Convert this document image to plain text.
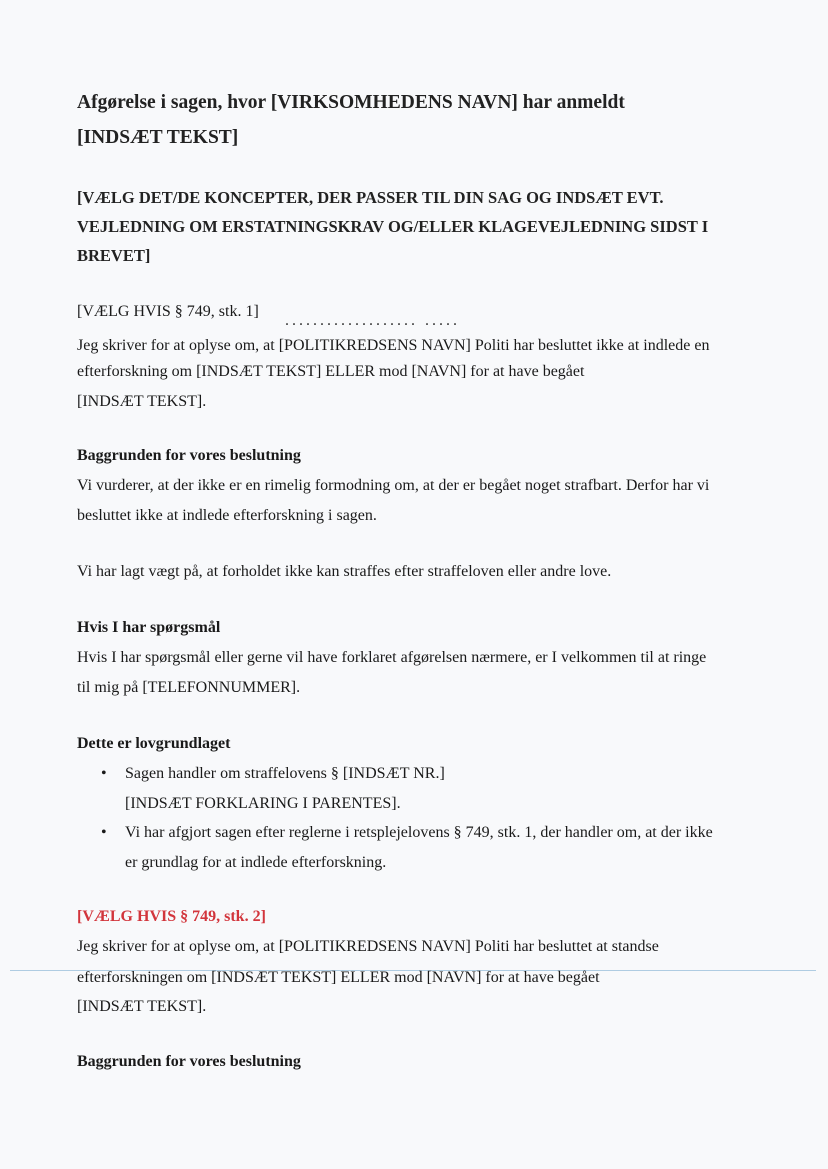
Afgørelse i sagen, hvor [VIRKSOMHEDENS NAVN] har anmeldt
[INDSÆT TEKST]
[VÆLG DET/DE KONCEPTER, DER PASSER TIL DIN SAG OG INDSÆT EVT.
VEJLEDNING OM ERSTATNINGSKRAV OG/ELLER KLAGEVEJLEDNING SIDST I
BREVET]
[VÆLG HVIS § 749, stk. 1]
................... .....
Jeg skriver for at oplyse om, at [POLITIKREDSENS NAVN] Politi har besluttet ikke at indlede en
efterforskning om [INDSÆT TEKST] ELLER mod [NAVN] for at have begået
[INDSÆT TEKST].
Baggrunden for vores beslutning
Vi vurderer, at der ikke er en rimelig formodning om, at der er begået noget strafbart. Derfor har vi
besluttet ikke at indlede efterforskning i sagen.
Vi har lagt vægt på, at forholdet ikke kan straffes efter straffeloven eller andre love.
Hvis I har spørgsmål
Hvis I har spørgsmål eller gerne vil have forklaret afgørelsen nærmere, er I velkommen til at ringe
til mig på [TELEFONNUMMER].
Dette er lovgrundlaget
• Sagen handler om straffelovens § [INDSÆT NR.]
[INDSÆT FORKLARING I PARENTES].
• Vi har afgjort sagen efter reglerne i retsplejelovens § 749, stk. 1, der handler om, at der ikke
er grundlag for at indlede efterforskning.
[VÆLG HVIS § 749, stk. 2]
Jeg skriver for at oplyse om, at [POLITIKREDSENS NAVN] Politi har besluttet at standse
efterforskningen om [INDSÆT TEKST] ELLER mod [NAVN] for at have begået
[INDSÆT TEKST].
Baggrunden for vores beslutning
